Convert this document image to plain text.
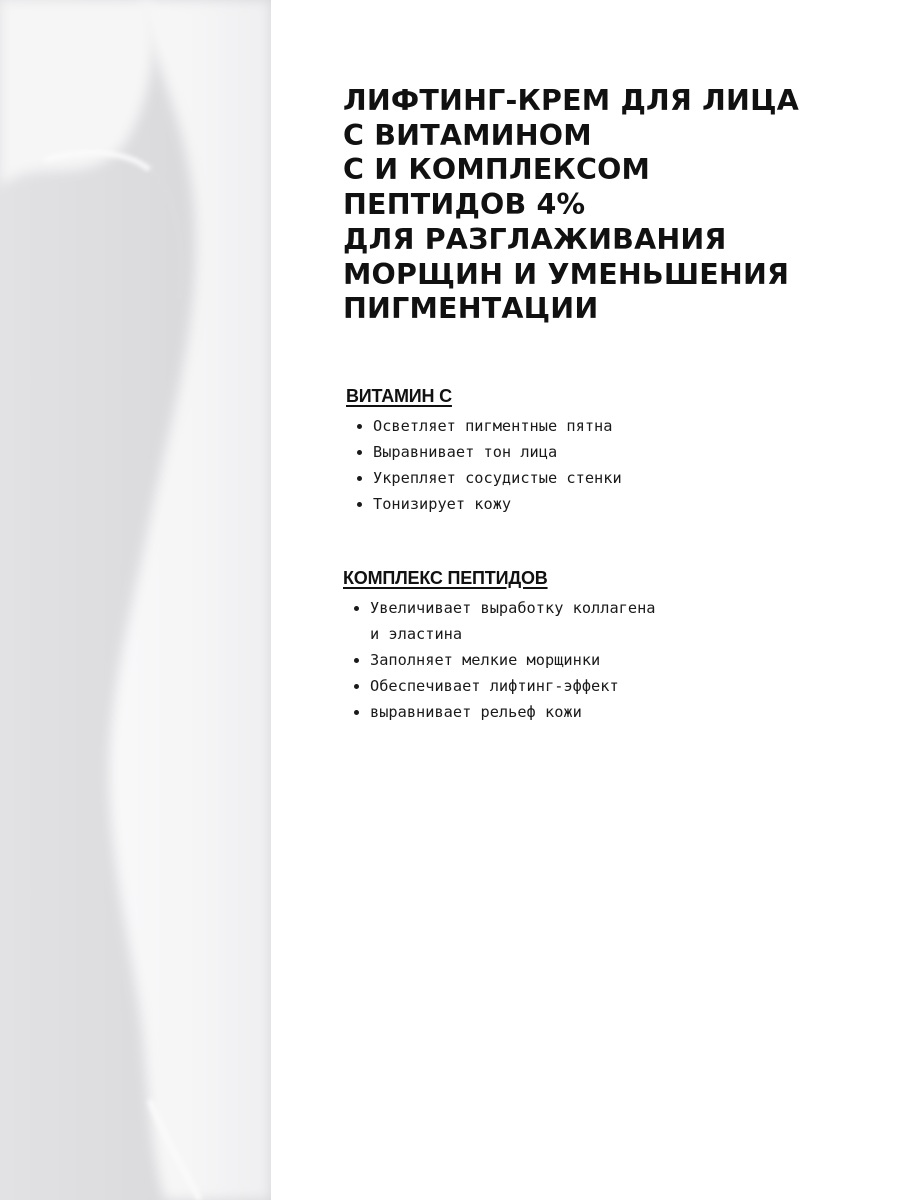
ЛИФТИНГ-КРЕМ ДЛЯ ЛИЦА
С ВИТАМИНОМ
С И КОМПЛЕКСОМ
ПЕПТИДОВ 4%
ДЛЯ РАЗГЛАЖИВАНИЯ
МОРЩИН И УМЕНЬШЕНИЯ
ПИГМЕНТАЦИИ
ВИТАМИН С
Осветляет пигментные пятна
Выравнивает тон лица
Укрепляет сосудистые стенки
Тонизирует кожу
КОМПЛЕКС ПЕПТИДОВ
Увеличивает выработку коллагена
и эластина
Заполняет мелкие морщинки
Обеспечивает лифтинг-эффект
выравнивает рельеф кожи
